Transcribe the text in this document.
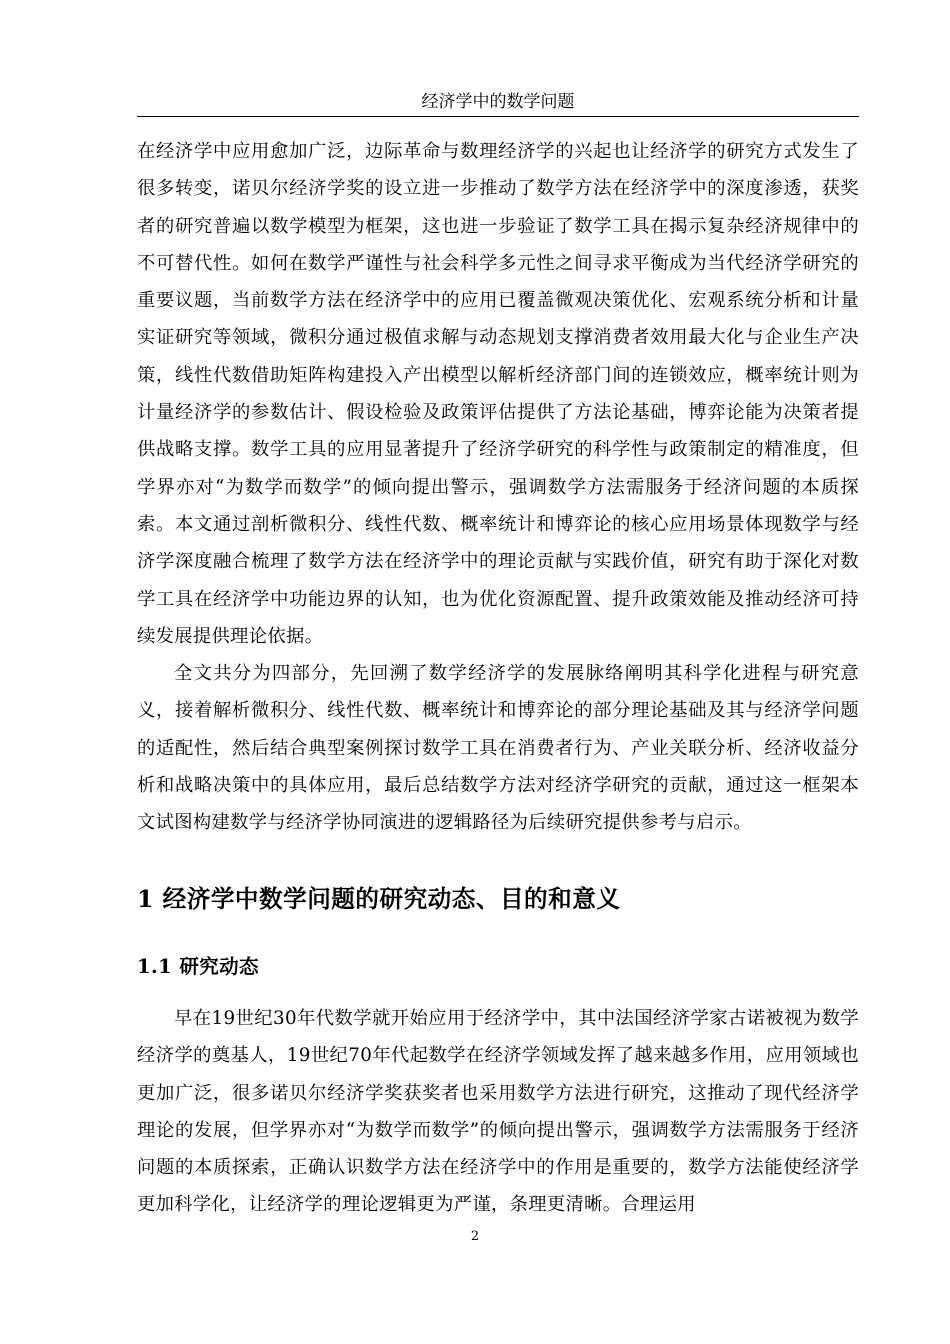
经济学中的数学问题

在经济学中应用愈加广泛，边际革命与数理经济学的兴起也让经济学的研究方式发生了很多转变，诺贝尔经济学奖的设立进一步推动了数学方法在经济学中的深度渗透，获奖者的研究普遍以数学模型为框架，这也进一步验证了数学工具在揭示复杂经济规律中的不可替代性。如何在数学严谨性与社会科学多元性之间寻求平衡成为当代经济学研究的重要议题，当前数学方法在经济学中的应用已覆盖微观决策优化、宏观系统分析和计量实证研究等领域，微积分通过极值求解与动态规划支撑消费者效用最大化与企业生产决策，线性代数借助矩阵构建投入产出模型以解析经济部门间的连锁效应，概率统计则为计量经济学的参数估计、假设检验及政策评估提供了方法论基础，博弈论能为决策者提供战略支撑。数学工具的应用显著提升了经济学研究的科学性与政策制定的精准度，但学界亦对“为数学而数学”的倾向提出警示，强调数学方法需服务于经济问题的本质探索。本文通过剖析微积分、线性代数、概率统计和博弈论的核心应用场景体现数学与经济学深度融合梳理了数学方法在经济学中的理论贡献与实践价值，研究有助于深化对数学工具在经济学中功能边界的认知，也为优化资源配置、提升政策效能及推动经济可持续发展提供理论依据。

全文共分为四部分，先回溯了数学经济学的发展脉络阐明其科学化进程与研究意义，接着解析微积分、线性代数、概率统计和博弈论的部分理论基础及其与经济学问题的适配性，然后结合典型案例探讨数学工具在消费者行为、产业关联分析、经济收益分析和战略决策中的具体应用，最后总结数学方法对经济学研究的贡献，通过这一框架本文试图构建数学与经济学协同演进的逻辑路径为后续研究提供参考与启示。

1 经济学中数学问题的研究动态、目的和意义
1.1 研究动态

早在19世纪30年代数学就开始应用于经济学中，其中法国经济学家古诺被视为数学经济学的奠基人，19世纪70年代起数学在经济学领域发挥了越来越多作用，应用领域也更加广泛，很多诺贝尔经济学奖获奖者也采用数学方法进行研究，这推动了现代经济学理论的发展，但学界亦对“为数学而数学”的倾向提出警示，强调数学方法需服务于经济问题的本质探索，正确认识数学方法在经济学中的作用是重要的，数学方法能使经济学更加科学化，让经济学的理论逻辑更为严谨，条理更清晰。合理运用

2
